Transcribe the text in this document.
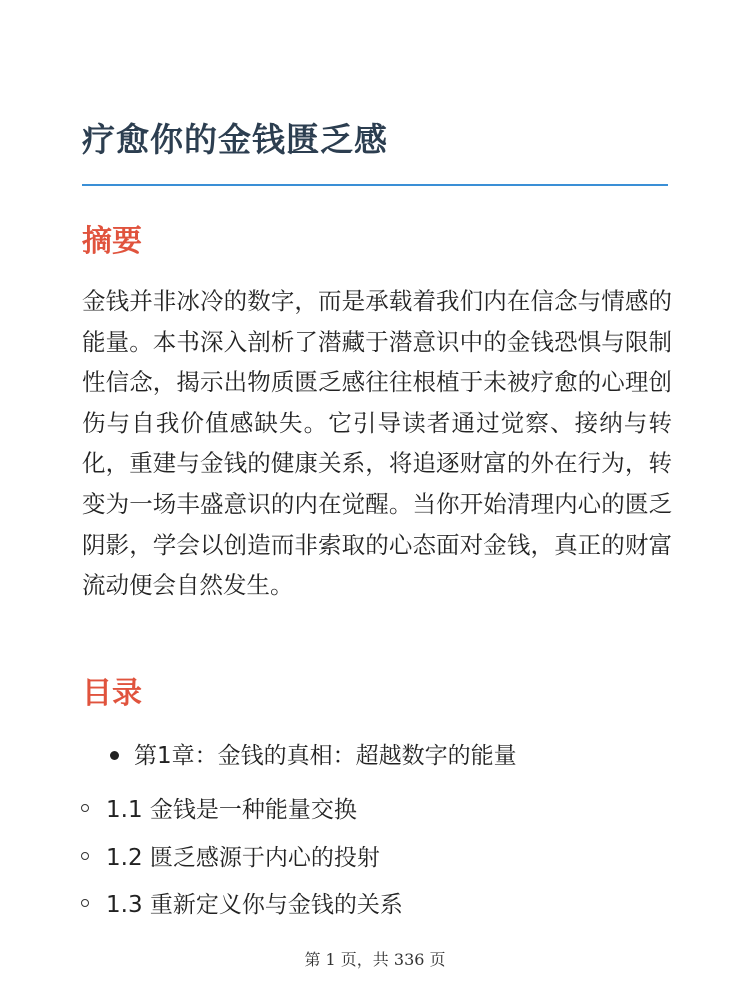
疗愈你的金钱匮乏感
摘要

金钱并非冰冷的数字，而是承载着我们内在信念与情感的能量。本书深入剖析了潜藏于潜意识中的金钱恐惧与限制性信念，揭示出物质匮乏感往往根植于未被疗愈的心理创伤与自我价值感缺失。它引导读者通过觉察、接纳与转化，重建与金钱的健康关系，将追逐财富的外在行为，转变为一场丰盛意识的内在觉醒。当你开始清理内心的匮乏阴影，学会以创造而非索取的心态面对金钱，真正的财富流动便会自然发生。

目录
第1章：金钱的真相：超越数字的能量
1.1 金钱是一种能量交换
1.2 匮乏感源于内心的投射
1.3 重新定义你与金钱的关系
第 1 页，共 336 页
